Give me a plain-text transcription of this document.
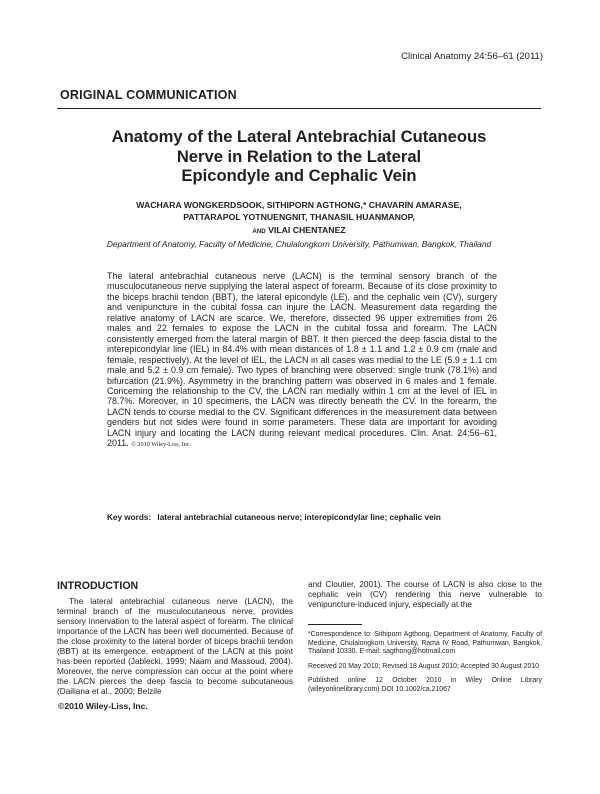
Clinical Anatomy 24:56–61 (2011)
ORIGINAL COMMUNICATION
Anatomy of the Lateral Antebrachial Cutaneous
Nerve in Relation to the Lateral
Epicondyle and Cephalic Vein
WACHARA WONGKERDSOOK, SITHIPORN AGTHONG,* CHAVARIN AMARASE,
PATTARAPOL YOTNUENGNIT, THANASIL HUANMANOP,
AND VILAI CHENTANEZ
Department of Anatomy, Faculty of Medicine, Chulalongkorn University, Pathumwan, Bangkok, Thailand
The lateral antebrachial cutaneous nerve (LACN) is the terminal sensory branch of the musculocutaneous nerve supplying the lateral aspect of forearm. Because of its close proximity to the biceps brachii tendon (BBT), the lateral epicondyle (LE), and the cephalic vein (CV), surgery and venipuncture in the cubital fossa can injure the LACN. Measurement data regarding the relative anatomy of LACN are scarce. We, therefore, dissected 96 upper extremities from 26 males and 22 females to expose the LACN in the cubital fossa and forearm. The LACN consistently emerged from the lateral margin of BBT. It then pierced the deep fascia distal to the interepicondylar line (IEL) in 84.4% with mean distances of 1.8 ± 1.1 and 1.2 ± 0.9 cm (male and female, respectively). At the level of IEL, the LACN in all cases was medial to the LE (5.9 ± 1.1 cm male and 5.2 ± 0.9 cm female). Two types of branching were observed: single trunk (78.1%) and bifurcation (21.9%). Asymmetry in the branching pattern was observed in 6 males and 1 female. Concerning the relationship to the CV, the LACN ran medially within 1 cm at the level of IEL in 78.7%. Moreover, in 10 specimens, the LACN was directly beneath the CV. In the forearm, the LACN tends to course medial to the CV. Significant differences in the measurement data between genders but not sides were found in some parameters. These data are important for avoiding LACN injury and locating the LACN during relevant medical procedures. Clin. Anat. 24:56–61, 2011. © 2010 Wiley-Liss, Inc.
Key words: lateral antebrachial cutaneous nerve; interepicondylar line; cephalic vein
INTRODUCTION

The lateral antebrachial cutaneous nerve (LACN), the terminal branch of the musculocutaneous nerve, provides sensory innervation to the lateral aspect of forearm. The clinical importance of the LACN has been well documented. Because of the close proximity to the lateral border of biceps brachii tendon (BBT) at its emergence, entrapment of the LACN at this point has been reported (Jablecki, 1999; Naam and Massoud, 2004). Moreover, the nerve compression can occur at the point where the LACN pierces the deep fascia to become subcutaneous (Dailiana et al., 2000; Belzile

and Cloutier, 2001). The course of LACN is also close to the cephalic vein (CV) rendering this nerve vulnerable to venipuncture-induced injury, especially at the

*Correspondence to: Sithiporn Agthong, Department of Anatomy, Faculty of Medicine, Chulalongkorn University, Rama IV Road, Pathumwan, Bangkok, Thailand 10330. E-mail: sagthong@hotmail.com

Received 20 May 2010; Revised 18 August 2010; Accepted 30 August 2010

Published online 12 October 2010 in Wiley Online Library (wileyonlinelibrary.com) DOI 10.1002/ca.21067

©2010 Wiley-Liss, Inc.
